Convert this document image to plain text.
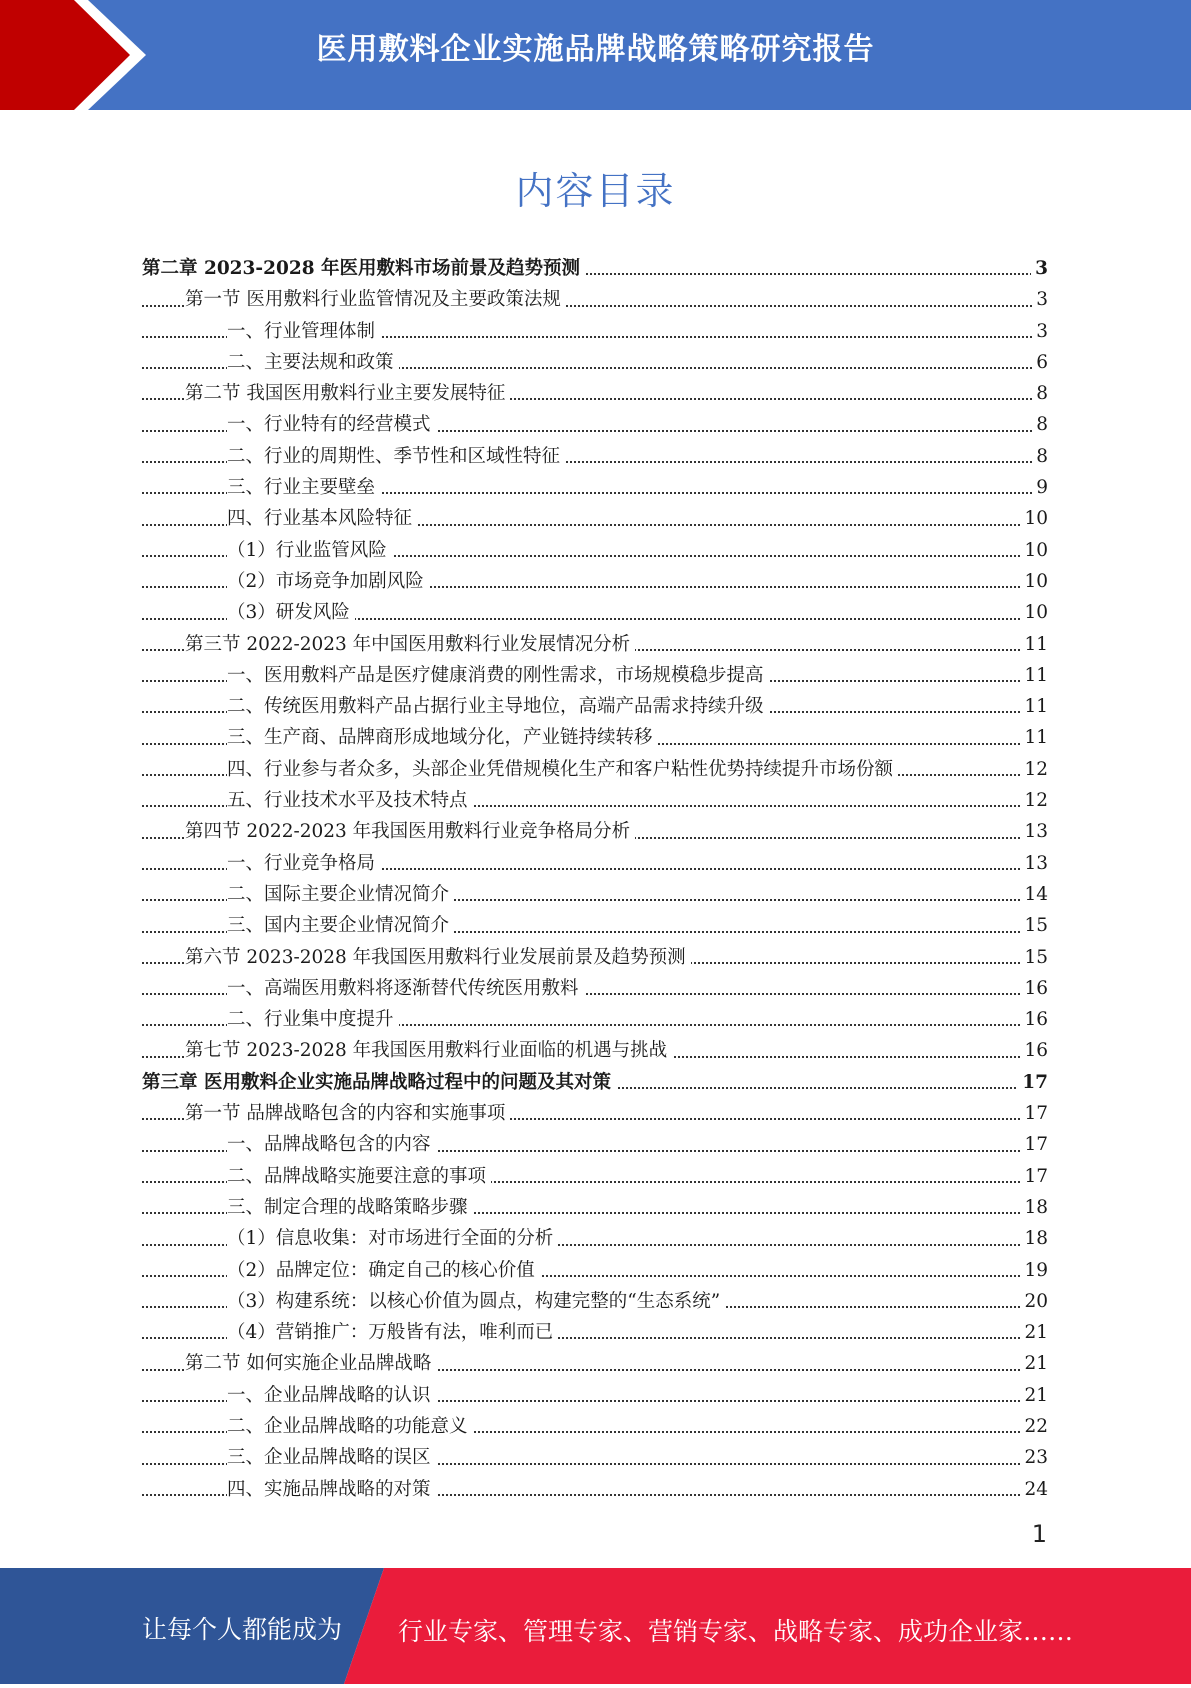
医用敷料企业实施品牌战略策略研究报告
内容目录
第二章 2023-2028 年医用敷料市场前景及趋势预测	3
第一节 医用敷料行业监管情况及主要政策法规	3
一、行业管理体制	3
二、主要法规和政策	6
第二节 我国医用敷料行业主要发展特征	8
一、行业特有的经营模式	8
二、行业的周期性、季节性和区域性特征	8
三、行业主要壁垒	9
四、行业基本风险特征	10
（1）行业监管风险	10
（2）市场竞争加剧风险	10
（3）研发风险	10
第三节 2022-2023 年中国医用敷料行业发展情况分析	11
一、医用敷料产品是医疗健康消费的刚性需求，市场规模稳步提高	11
二、传统医用敷料产品占据行业主导地位，高端产品需求持续升级	11
三、生产商、品牌商形成地域分化，产业链持续转移	11
四、行业参与者众多，头部企业凭借规模化生产和客户粘性优势持续提升市场份额	12
五、行业技术水平及技术特点	12
第四节 2022-2023 年我国医用敷料行业竞争格局分析	13
一、行业竞争格局	13
二、国际主要企业情况简介	14
三、国内主要企业情况简介	15
第六节 2023-2028 年我国医用敷料行业发展前景及趋势预测	15
一、高端医用敷料将逐渐替代传统医用敷料	16
二、行业集中度提升	16
第七节 2023-2028 年我国医用敷料行业面临的机遇与挑战	16
第三章 医用敷料企业实施品牌战略过程中的问题及其对策	17
第一节 品牌战略包含的内容和实施事项	17
一、品牌战略包含的内容	17
二、品牌战略实施要注意的事项	17
三、制定合理的战略策略步骤	18
（1）信息收集：对市场进行全面的分析	18
（2）品牌定位：确定自己的核心价值	19
（3）构建系统：以核心价值为圆点，构建完整的“生态系统”	20
（4）营销推广：万般皆有法，唯利而已	21
第二节 如何实施企业品牌战略	21
一、企业品牌战略的认识	21
二、企业品牌战略的功能意义	22
三、企业品牌战略的误区	23
四、实施品牌战略的对策	24
1
让每个人都能成为 行业专家、管理专家、营销专家、战略专家、成功企业家……
